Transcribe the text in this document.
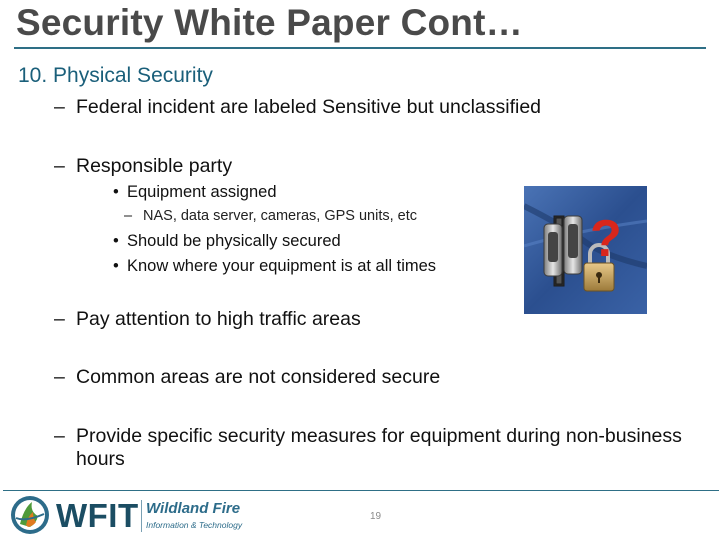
Security White Paper Cont…
10. Physical Security
– Federal incident are labeled Sensitive but unclassified
– Responsible party
• Equipment assigned
– NAS, data server, cameras, GPS units, etc
• Should be physically secured
• Know where your equipment is at all times	?
– Pay attention to high traffic areas
– Common areas are not considered secure
– Provide specific security measures for equipment during non-business hours
WFIT Wildland Fire
Information & Technology
19
